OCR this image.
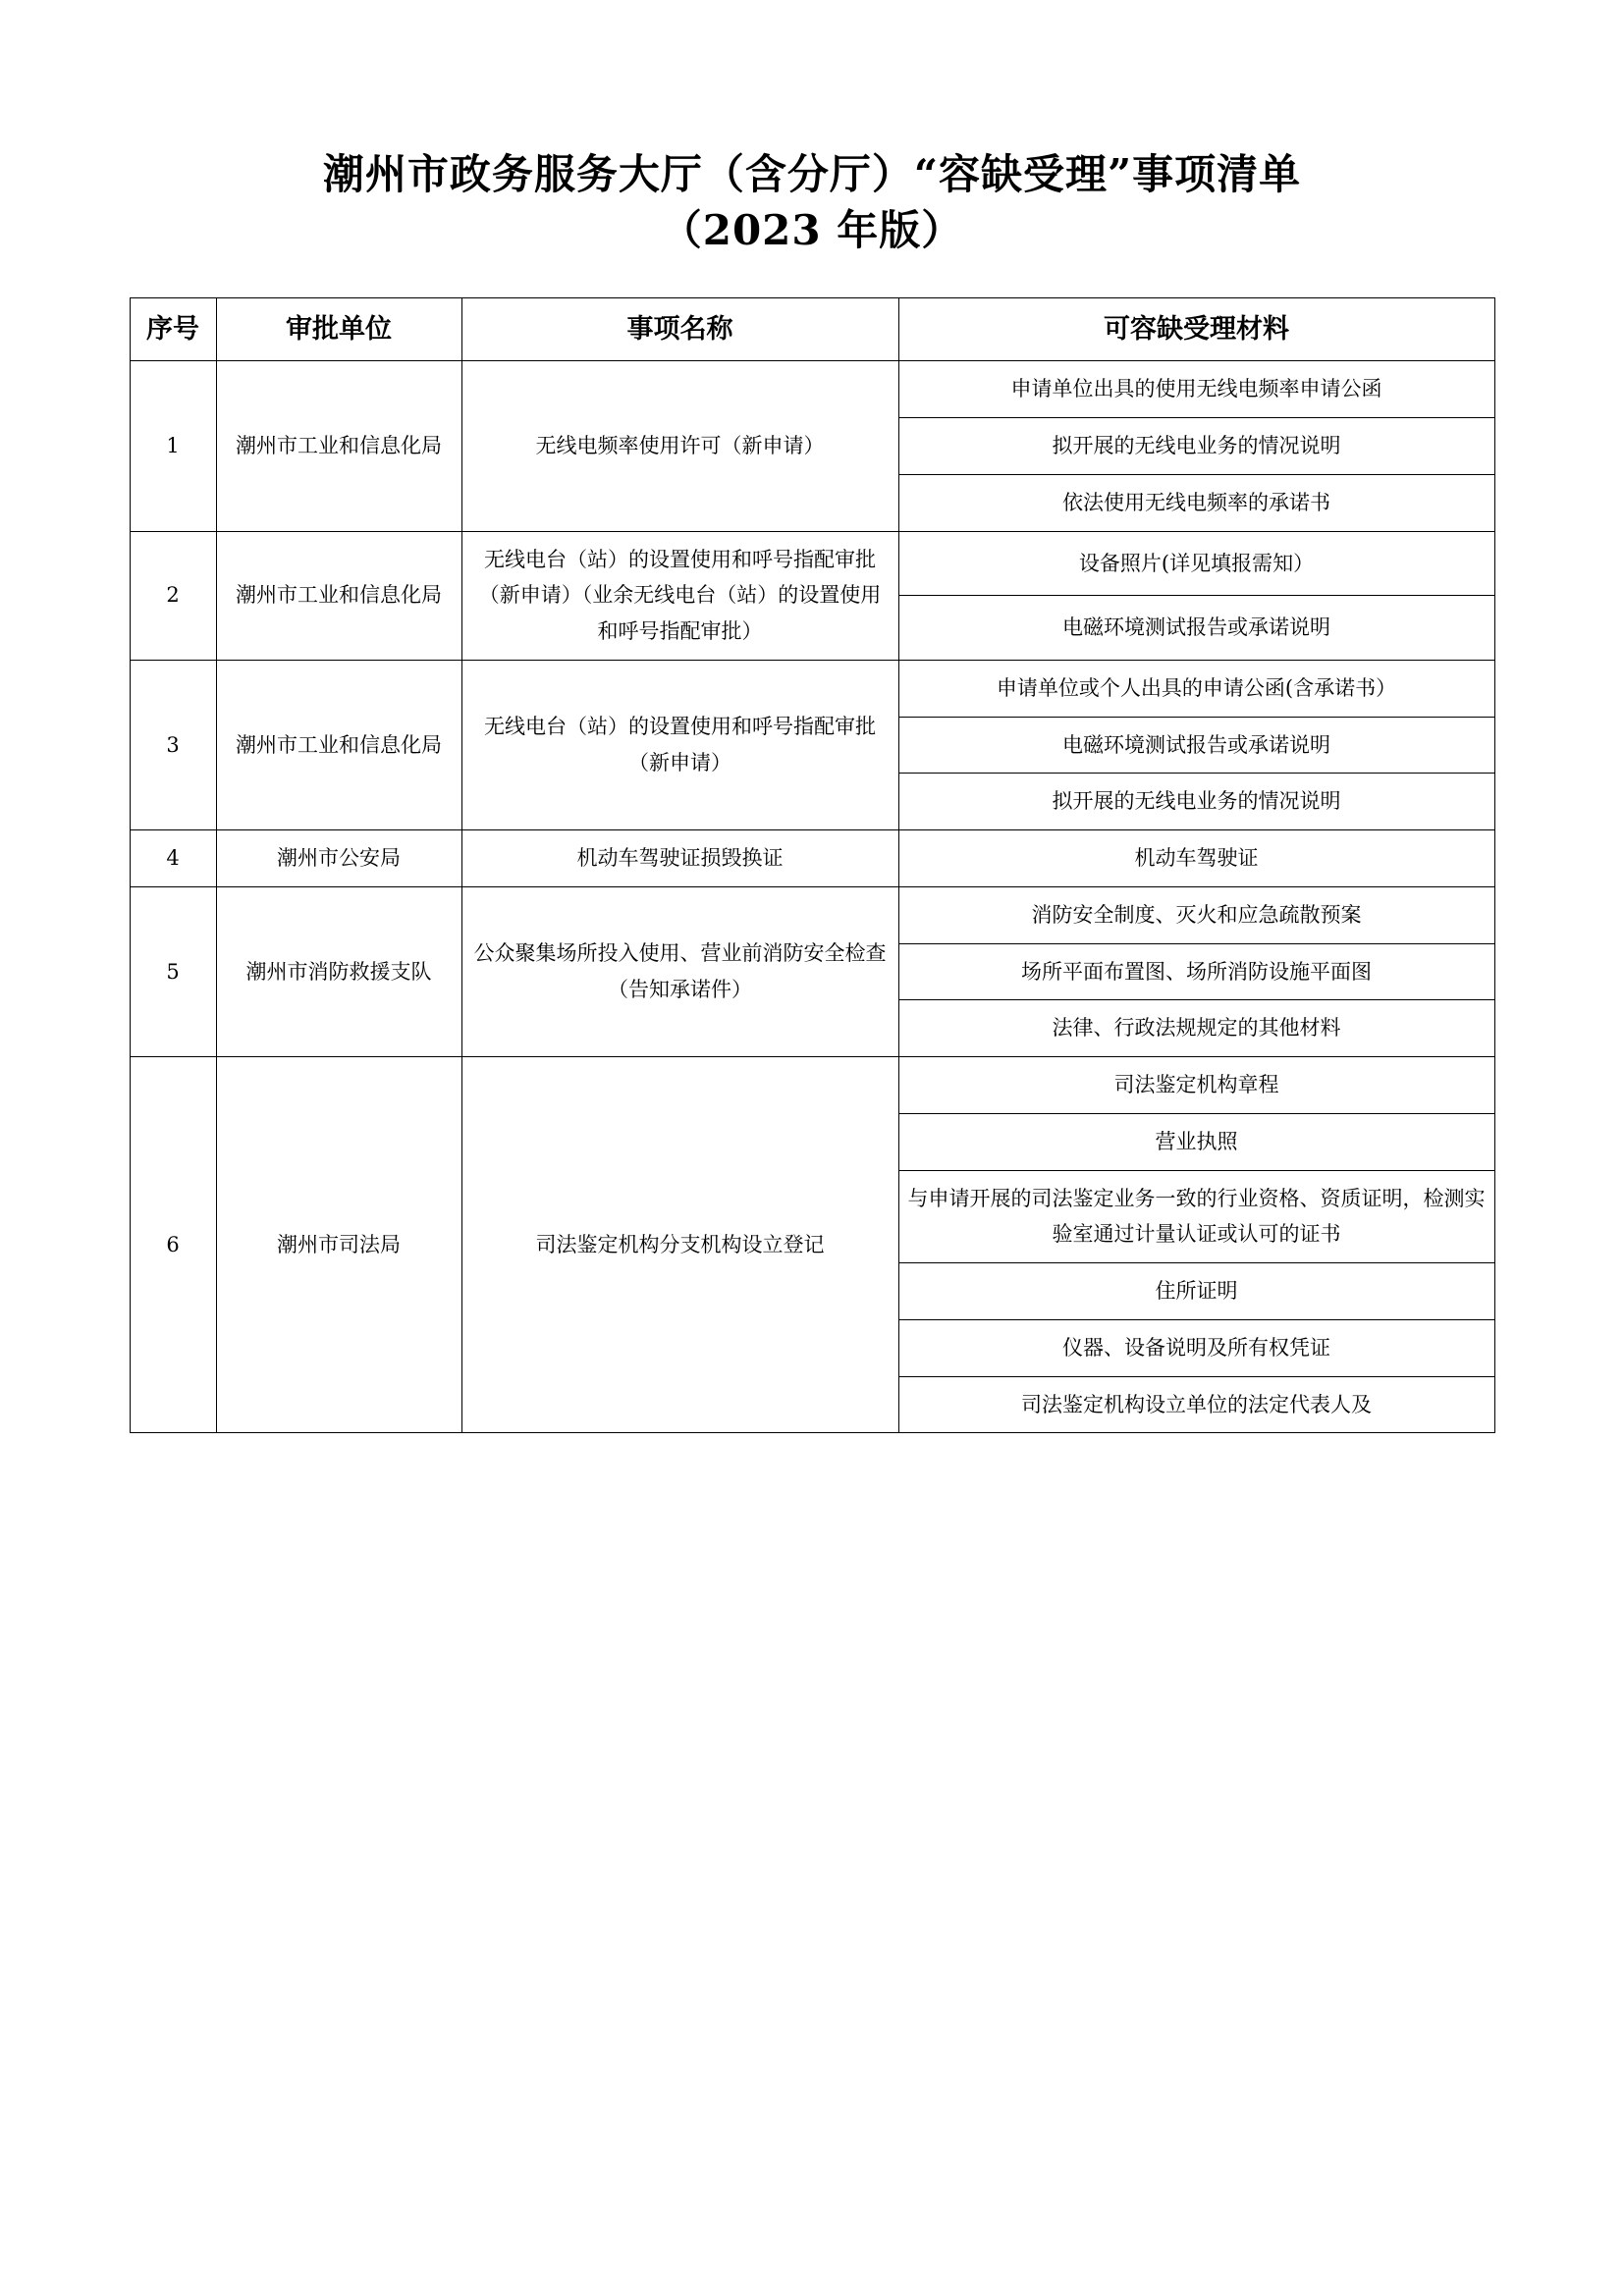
潮州市政务服务大厅（含分厅）“容缺受理”事项清单
（2023 年版）
序号	审批单位	事项名称	可容缺受理材料
1	潮州市工业和信息化局	无线电频率使用许可（新申请）	申请单位出具的使用无线电频率申请公函
			拟开展的无线电业务的情况说明
			依法使用无线电频率的承诺书
2	潮州市工业和信息化局	无线电台（站）的设置使用和呼号指配审批（新申请）（业余无线电台（站）的设置使用和呼号指配审批）	设备照片(详见填报需知）
			电磁环境测试报告或承诺说明
3	潮州市工业和信息化局	无线电台（站）的设置使用和呼号指配审批（新申请）	申请单位或个人出具的申请公函(含承诺书）
			电磁环境测试报告或承诺说明
			拟开展的无线电业务的情况说明
4	潮州市公安局	机动车驾驶证损毁换证	机动车驾驶证
5	潮州市消防救援支队	公众聚集场所投入使用、营业前消防安全检查（告知承诺件）	消防安全制度、灭火和应急疏散预案
			场所平面布置图、场所消防设施平面图
			法律、行政法规规定的其他材料
6	潮州市司法局	司法鉴定机构分支机构设立登记	司法鉴定机构章程
			营业执照
			与申请开展的司法鉴定业务一致的行业资格、资质证明，检测实验室通过计量认证或认可的证书
			住所证明
			仪器、设备说明及所有权凭证
			司法鉴定机构设立单位的法定代表人及
